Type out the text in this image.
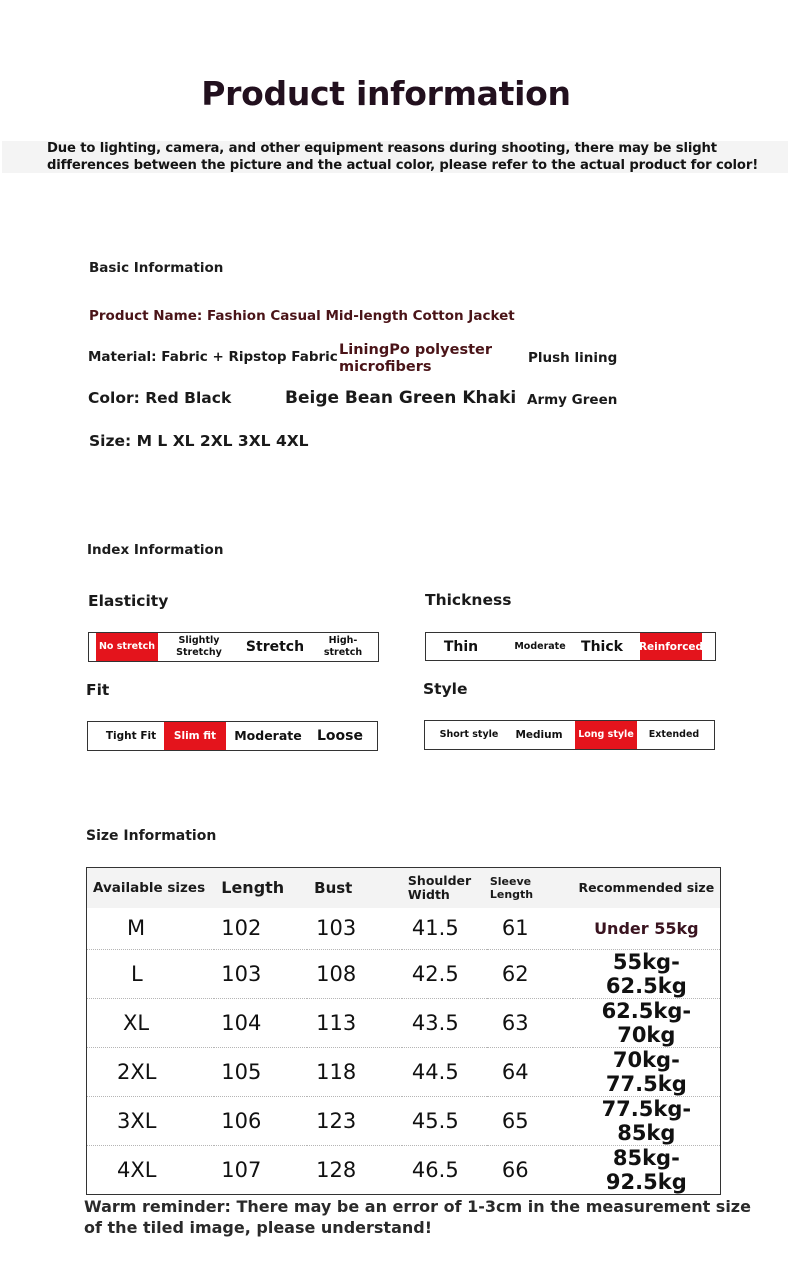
Product information
Due to lighting, camera, and other equipment reasons during shooting, there may be slight differences between the picture and the actual color, please refer to the actual product for color!
Basic Information
Product Name: Fashion Casual Mid-length Cotton Jacket
Material: Fabric + Ripstop Fabric LiningPo polyester microfibers
Plush lining
Color: Red Black	Beige Bean Green Khaki Army Green
Size: M L XL 2XL 3XL 4XL
Index Information
Elasticity
No stretch
Slightly Stretchy	Stretch	High-stretch
Thickness
Thin	Moderate	Thick	Reinforced
Fit
Tight Fit	Slim fit	Moderate	Loose
Style
Short style	Medium	Long style	Extended
Size Information
Available sizes	Length	Bust	Shoulder Width	Sleeve Length	Recommended size
M	102	103	41.5	61	Under 55kg
L	103	108	42.5	62	55kg-62.5kg
XL	104	113	43.5	63	62.5kg-70kg
2XL	105	118	44.5	64	70kg-77.5kg
3XL	106	123	45.5	65	77.5kg-85kg
4XL	107	128	46.5	66	85kg-92.5kg
Warm reminder: There may be an error of 1-3cm in the measurement size of the tiled image, please understand!
